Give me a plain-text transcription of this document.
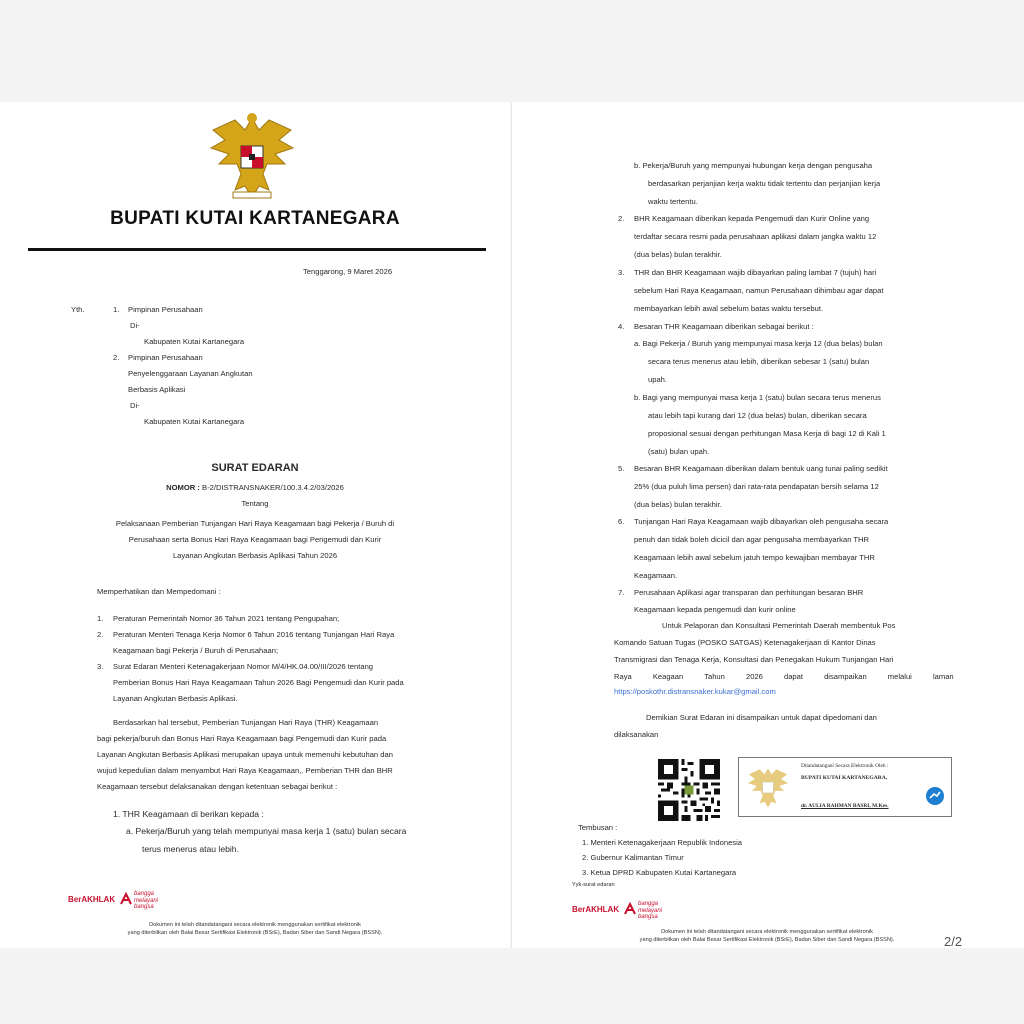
BUPATI KUTAI KARTANEGARA
Tenggarong, 9 Maret 2026
Yth.	1. Pimpinan Perusahaan
Di-
Kabupaten Kutai Kartanegara
2. Pimpinan Perusahaan
Penyelenggaraan Layanan Angkutan
Berbasis Aplikasi
Di-
Kabupaten Kutai Kartanegara
SURAT EDARAN
NOMOR : B-2/DISTRANSNAKER/100.3.4.2/03/2026
Tentang
Pelaksanaan Pemberian Tunjangan Hari Raya Keagamaan bagi Pekerja / Buruh di
Perusahaan serta Bonus Hari Raya Keagamaan bagi Pengemudi dan Kurir
Layanan Angkutan Berbasis Aplikasi Tahun 2026
Memperhatikan dan Mempedomani :
1. Peraturan Pemerintah Nomor 36 Tahun 2021 tentang Pengupahan;
2. Peraturan Menteri Tenaga Kerja Nomor 6 Tahun 2016 tentang Tunjangan Hari Raya
Keagamaan bagi Pekerja / Buruh di Perusahaan;
3. Surat Edaran Menteri Ketenagakerjaan Nomor M/4/HK.04.00/III/2026 tentang
Pemberian Bonus Hari Raya Keagamaan Tahun 2026 Bagi Pengemudi dan Kurir pada
Layanan Angkutan Berbasis Aplikasi.
Berdasarkan hal tersebut, Pemberian Tunjangan Hari Raya (THR) Keagamaan
bagi pekerja/buruh dan Bonus Hari Raya Keagamaan bagi Pengemudi dan Kurir pada
Layanan Angkutan Berbasis Aplikasi merupakan upaya untuk memenuhi kebutuhan dan
wujud kepedulian dalam menyambut Hari Raya Keagamaan,. Pemberian THR dan BHR
Keagamaan tersebut delaksanakan dengan ketentuan sebagai berikut :
1. THR Keagamaan di berikan kepada :
a. Pekerja/Buruh yang telah mempunyai masa kerja 1 (satu) bulan secara
terus menerus atau lebih.
BerAKHLAK
bangga melayani bangsa
Dokumen ini telah ditandatangani secara elektronik menggunakan sertifikat elektronik
yang diterbitkan oleh Balai Besar Sertifikasi Elektronik (BSrE), Badan Siber dan Sandi Negara (BSSN).
b. Pekerja/Buruh yang mempunyai hubungan kerja dengan pengusaha
berdasarkan perjanjian kerja waktu tidak tertentu dan perjanjian kerja
waktu tertentu.
2. BHR Keagamaan diberikan kepada Pengemudi dan Kurir Online yang
terdaftar secara resmi pada perusahaan aplikasi dalam jangka waktu 12
(dua belas) bulan terakhir.
3. THR dan BHR Keagamaan wajib dibayarkan paling lambat 7 (tujuh) hari
sebelum Hari Raya Keagamaan, namun Perusahaan dihimbau agar dapat
membayarkan lebih awal sebelum batas waktu tersebut.
4. Besaran THR Keagamaan diberikan sebagai berikut :
a. Bagi Pekerja / Buruh yang mempunyai masa kerja 12 (dua belas) bulan
secara terus menerus atau lebih, diberikan sebesar 1 (satu) bulan
upah.
b. Bagi yang mempunyai masa kerja 1 (satu) bulan secara terus menerus
atau lebih tapi kurang dari 12 (dua belas) bulan, diberikan secara
proposional sesuai dengan perhitungan Masa Kerja di bagi 12 di Kali 1
(satu) bulan upah.
5. Besaran BHR Keagamaan diberikan dalam bentuk uang tunai paling sedikit
25% (dua puluh lima persen) dari rata-rata pendapatan bersih selama 12
(dua belas) bulan terakhir.
6. Tunjangan Hari Raya Keagamaan wajib dibayarkan oleh pengusaha secara
penuh dan tidak boleh dicicil dan agar pengusaha membayarkan THR
Keagamaan lebih awal sebelum jatuh tempo kewajiban membayar THR
Keagamaan.
7. Perusahaan Aplikasi agar transparan dan perhitungan besaran BHR
Keagamaan kepada pengemudi dan kurir online
Untuk Pelaporan dan Konsultasi Pemerintah Daerah membentuk Pos
Komando Satuan Tugas (POSKO SATGAS) Ketenagakerjaan di Kantor Dinas
Transmigrasi dan Tenaga Kerja, Konsultasi dan Penegakan Hukum Tunjangan Hari
Raya          Keagaan          Tahun          2026          dapat          disampaikan          melalui          laman
https://poskothr.distransnaker.kukar@gmail.com
Demikian Surat Edaran ini disampaikan untuk dapat dipedomani dan
dilaksanakan
Ditandatangani Secara Elektronik Oleh :
BUPATI KUTAI KARTANEGARA,
dr. AULIA RAHMAN BASRI, M.Kes.
Tembusan :
1. Menteri Ketenagakerjaan Republik Indonesia
2. Gubernur Kalimantan Timur
3. Ketua DPRD Kabupaten Kutai Kartanegara
Yyk-surat edaran
BerAKHLAK
bangga melayani bangsa
Dokumen ini telah ditandatangani secara elektronik menggunakan sertifikat elektronik
yang diterbitkan oleh Balai Besar Sertifikasi Elektronik (BSrE), Badan Siber dan Sandi Negara (BSSN).	2/2
